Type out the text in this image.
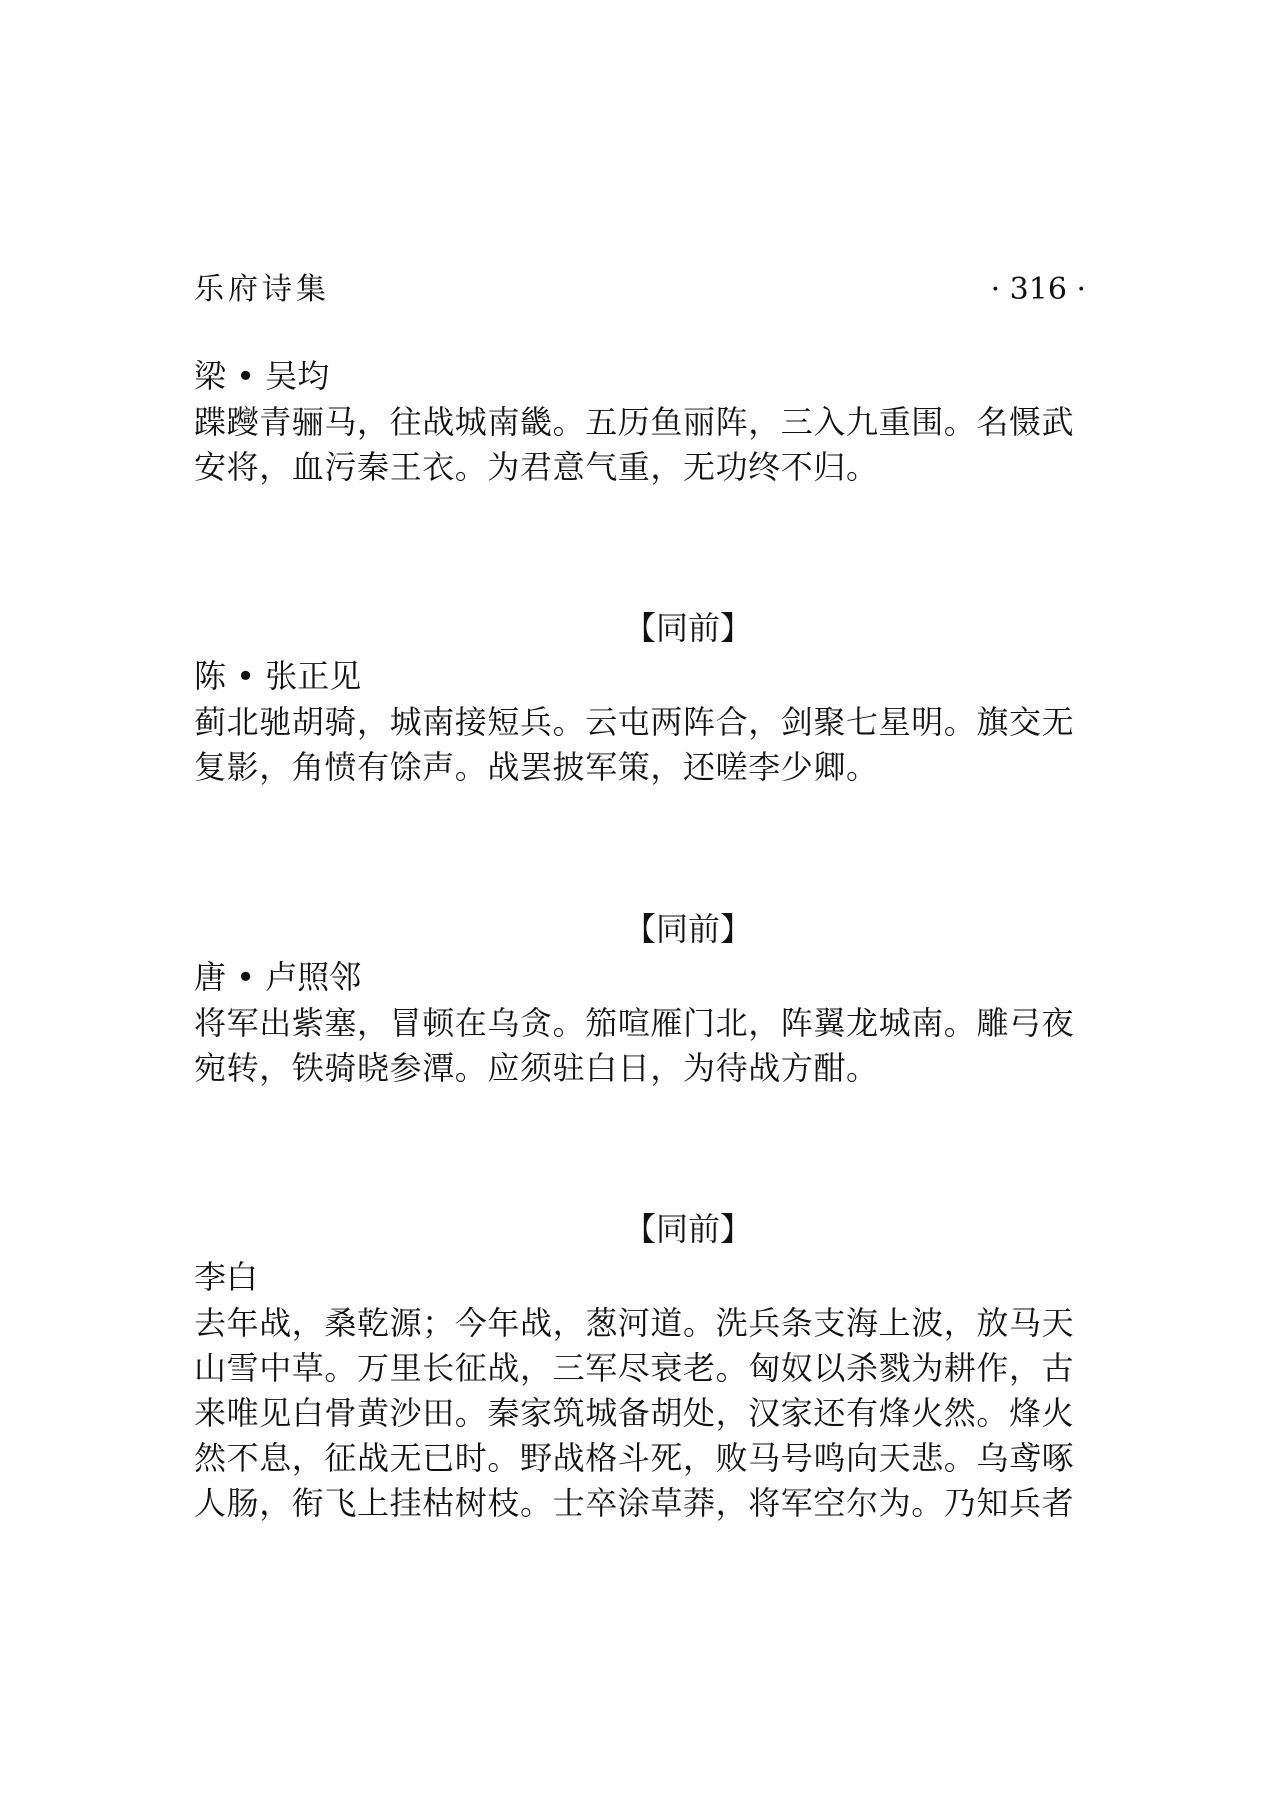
乐府诗集	· 316 ·
梁 • 吴均
蹀躞青骊马，往战城南畿。五历鱼丽阵，三入九重围。名慑武
安将，血污秦王衣。为君意气重，无功终不归。
【同前】
陈 • 张正见
蓟北驰胡骑，城南接短兵。云屯两阵合，剑聚七星明。旗交无
复影，角愤有馀声。战罢披军策，还嗟李少卿。
【同前】
唐 • 卢照邻
将军出紫塞，冒顿在乌贪。笳喧雁门北，阵翼龙城南。雕弓夜
宛转，铁骑晓参潭。应须驻白日，为待战方酣。
【同前】
李白
去年战，桑乾源；今年战，葱河道。洗兵条支海上波，放马天
山雪中草。万里长征战，三军尽衰老。匈奴以杀戮为耕作，古
来唯见白骨黄沙田。秦家筑城备胡处，汉家还有烽火然。烽火
然不息，征战无已时。野战格斗死，败马号鸣向天悲。乌鸢啄
人肠，衔飞上挂枯树枝。士卒涂草莽，将军空尔为。乃知兵者
